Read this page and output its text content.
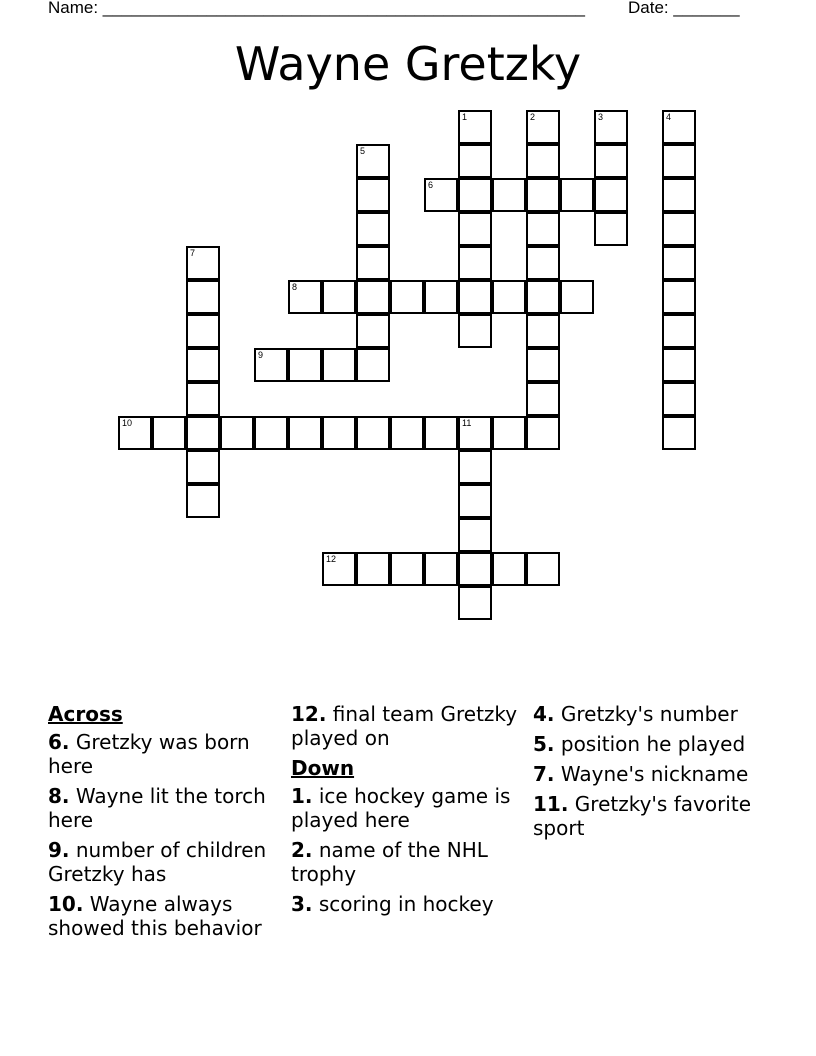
Name: ___________________________________________________	Date: _______
Wayne Gretzky
6
8
9
10	11
12
1	2	3	4
5
7
Across
6. Gretzky was born here
8. Wayne lit the torch here
9. number of children Gretzky has
10. Wayne always showed this behavior
12. final team Gretzky played on
Down
1. ice hockey game is played here
2. name of the NHL trophy
3. scoring in hockey
4. Gretzky's number
5. position he played
7. Wayne's nickname
11. Gretzky's favorite sport
